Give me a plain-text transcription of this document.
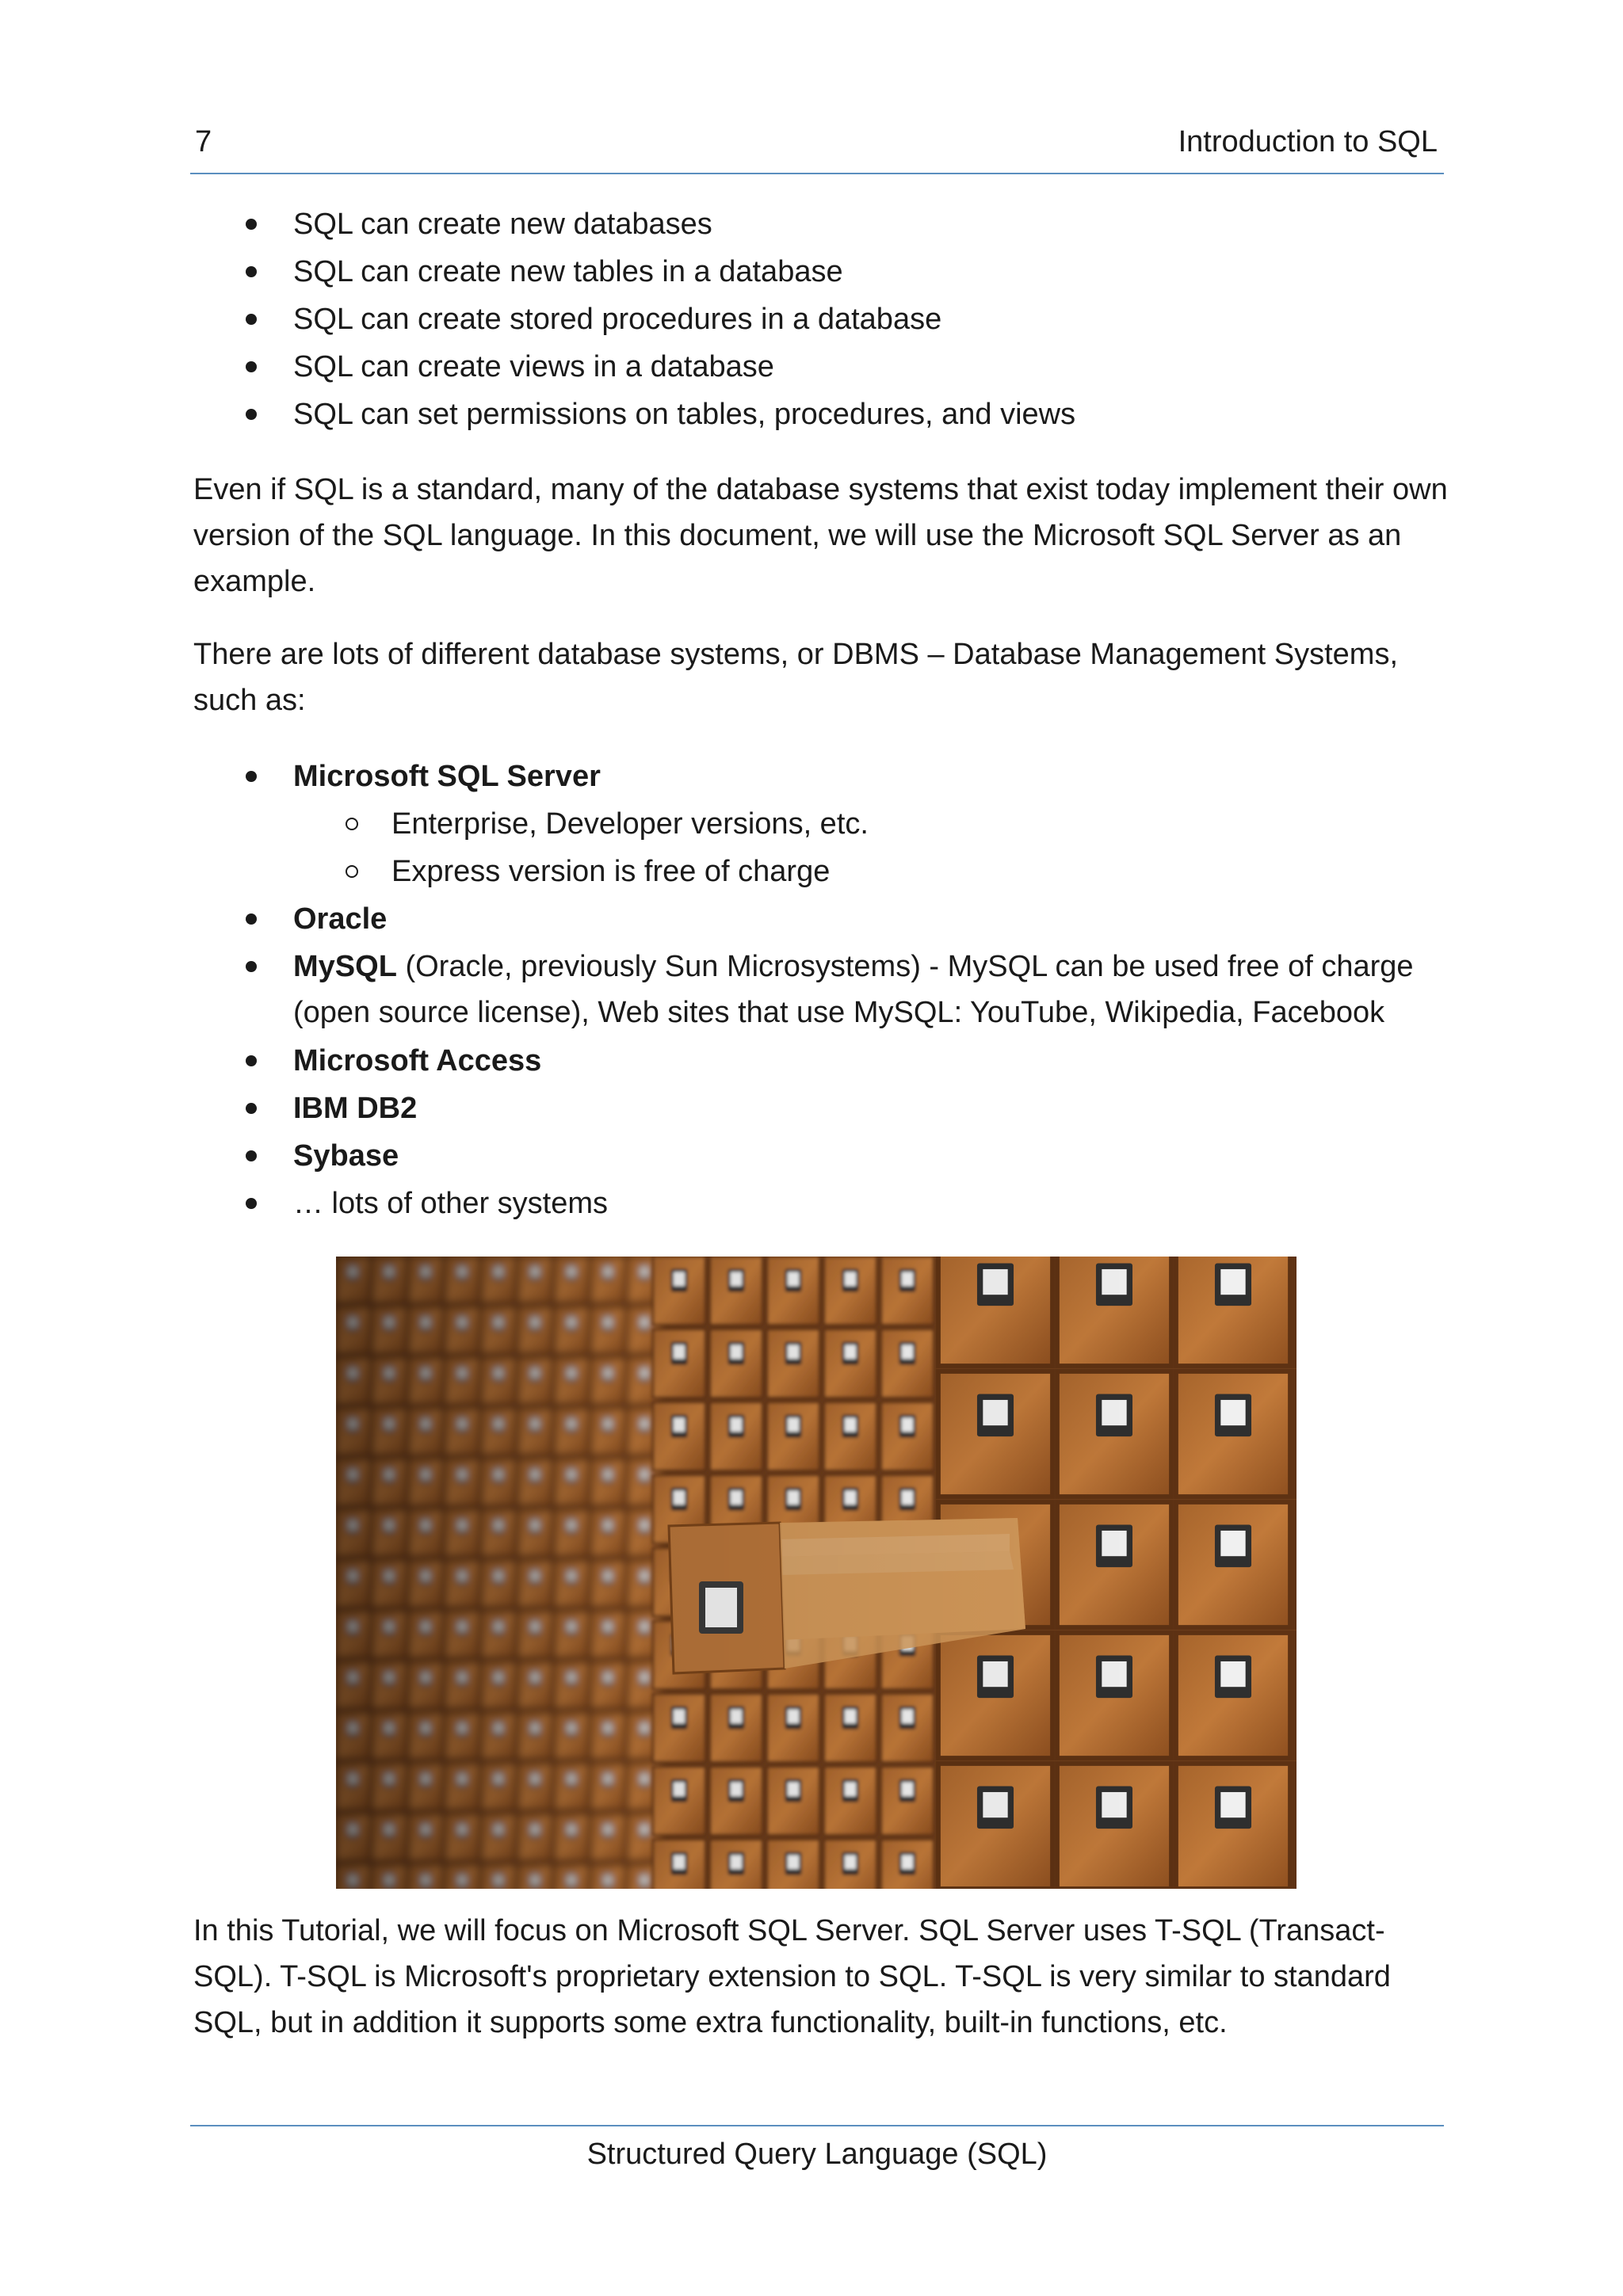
7	Introduction to SQL
SQL can create new databases
SQL can create new tables in a database
SQL can create stored procedures in a database
SQL can create views in a database
SQL can set permissions on tables, procedures, and views

Even if SQL is a standard, many of the database systems that exist today implement their own version of the SQL language. In this document, we will use the Microsoft SQL Server as an example.

There are lots of different database systems, or DBMS – Database Management Systems, such as:

Microsoft SQL Server
Enterprise, Developer versions, etc.
Express version is free of charge
Oracle
MySQL (Oracle, previously Sun Microsystems) - MySQL can be used free of charge (open source license), Web sites that use MySQL: YouTube, Wikipedia, Facebook
Microsoft Access
IBM DB2
Sybase
… lots of other systems

In this Tutorial, we will focus on Microsoft SQL Server. SQL Server uses T-SQL (Transact-SQL). T-SQL is Microsoft's proprietary extension to SQL. T-SQL is very similar to standard SQL, but in addition it supports some extra functionality, built-in functions, etc.

Structured Query Language (SQL)
